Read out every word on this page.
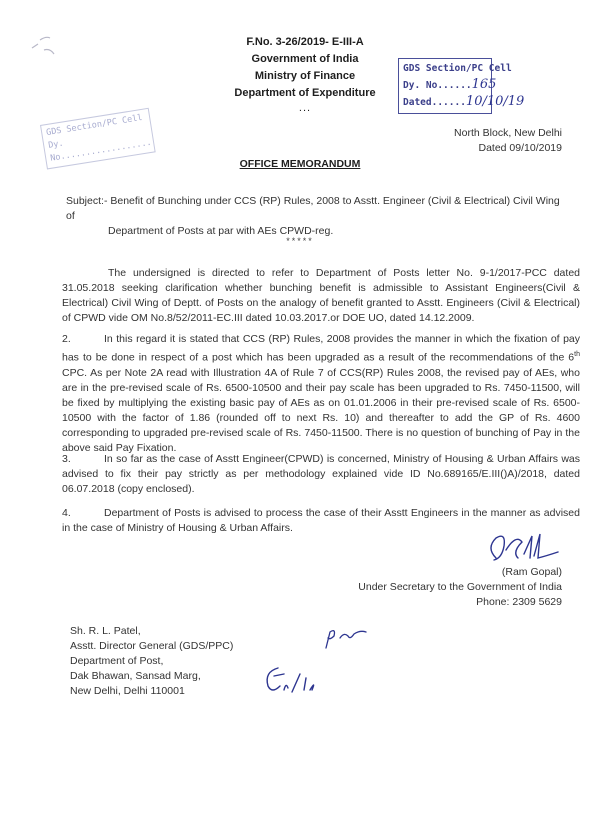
F.No. 3-26/2019- E-III-A
Government of India
Ministry of Finance
Department of Expenditure
...
GDS Section/PC Cell
Dy. No......165
Dated......10/10/19
GDS Section/PC Cell
Dy. No..................
North Block, New Delhi
Dated 09/10/2019
OFFICE MEMORANDUM
Subject:- Benefit of Bunching under CCS (RP) Rules, 2008 to Asstt. Engineer (Civil & Electrical) Civil Wing of
Department of Posts at par with AEs CPWD-reg.
*****
The undersigned is directed to refer to Department of Posts letter No. 9-1/2017-PCC dated 31.05.2018 seeking clarification whether bunching benefit is admissible to Assistant Engineers(Civil & Electrical) Civil Wing of Deptt. of Posts on the analogy of benefit granted to Asstt. Engineers (Civil & Electrical) of CPWD vide OM No.8/52/2011-EC.III dated 10.03.2017.or DOE UO, dated 14.12.2009.
2.	In this regard it is stated that CCS (RP) Rules, 2008 provides the manner in which the fixation of pay has to be done in respect of a post which has been upgraded as a result of the recommendations of the 6th CPC. As per Note 2A read with Illustration 4A of Rule 7 of CCS(RP) Rules 2008, the revised pay of AEs, who are in the pre-revised scale of Rs. 6500-10500 and their pay scale has been upgraded to Rs. 7450-11500, will be fixed by multiplying the existing basic pay of AEs as on 01.01.2006 in their pre-revised scale of Rs. 6500-10500 with the factor of 1.86 (rounded off to next Rs. 10) and thereafter to add the GP of Rs. 4600 corresponding to upgraded pre-revised scale of Rs. 7450-11500. There is no question of bunching of Pay in the above said Pay Fixation.
3.	In so far as the case of Asstt Engineer(CPWD) is concerned, Ministry of Housing & Urban Affairs was advised to fix their pay strictly as per methodology explained vide ID No.689165/E.III()A)/2018, dated 06.07.2018 (copy enclosed).
4.	Department of Posts is advised to process the case of their Asstt Engineers in the manner as advised in the case of Ministry of Housing & Urban Affairs.
(Ram Gopal)
Under Secretary to the Government of India
Phone: 2309 5629
Sh. R. L. Patel,
Asstt. Director General (GDS/PPC)
Department of Post,
Dak Bhawan, Sansad Marg,
New Delhi, Delhi 110001
